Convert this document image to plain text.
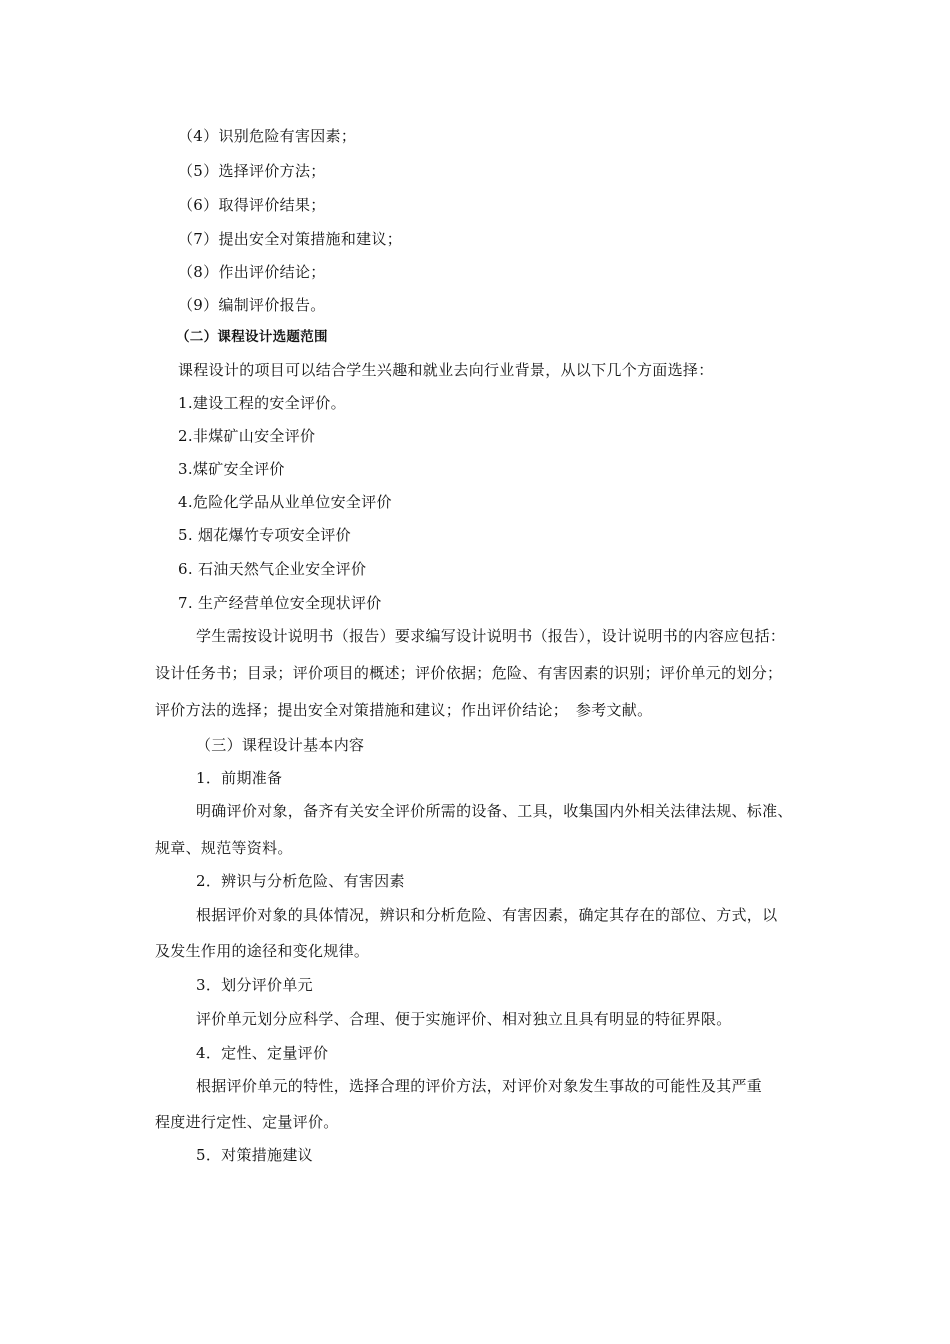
（4）识别危险有害因素；
（5）选择评价方法；
（6）取得评价结果；
（7）提出安全对策措施和建议；
（8）作出评价结论；
（9）编制评价报告。
（二）课程设计选题范围
课程设计的项目可以结合学生兴趣和就业去向行业背景，从以下几个方面选择：
1.建设工程的安全评价。
2.非煤矿山安全评价
3.煤矿安全评价
4.危险化学品从业单位安全评价
5. 烟花爆竹专项安全评价
6. 石油天然气企业安全评价
7. 生产经营单位安全现状评价
学生需按设计说明书（报告）要求编写设计说明书（报告），设计说明书的内容应包括：
设计任务书；目录；评价项目的概述；评价依据；危险、有害因素的识别；评价单元的划分；
评价方法的选择；提出安全对策措施和建议；作出评价结论；　参考文献。
（三）课程设计基本内容
1．前期准备
明确评价对象，备齐有关安全评价所需的设备、工具，收集国内外相关法律法规、标准、
规章、规范等资料。
2．辨识与分析危险、有害因素
根据评价对象的具体情况，辨识和分析危险、有害因素，确定其存在的部位、方式，以
及发生作用的途径和变化规律。
3．划分评价单元
评价单元划分应科学、合理、便于实施评价、相对独立且具有明显的特征界限。
4．定性、定量评价
根据评价单元的特性，选择合理的评价方法，对评价对象发生事故的可能性及其严重
程度进行定性、定量评价。
5．对策措施建议
